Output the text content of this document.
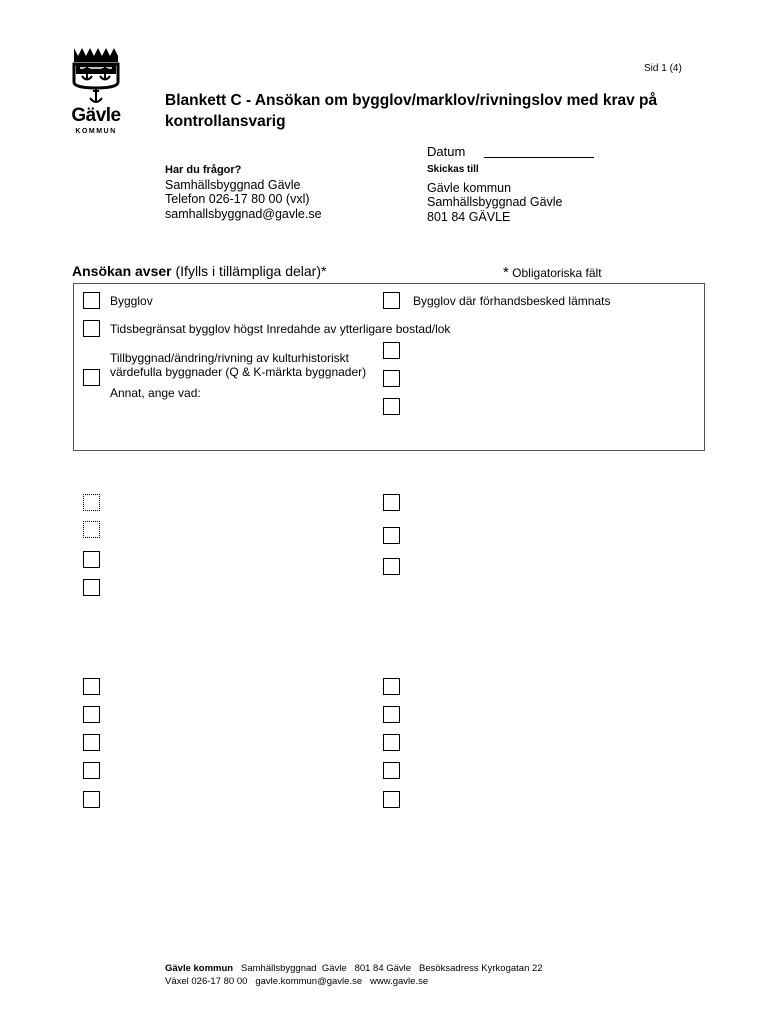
Gävle
KOMMUN
Sid 1 (4)
Blankett C - Ansökan om bygglov/marklov/rivningslov med krav på kontrollansvarig
Datum
Har du frågor?
Samhällsbyggnad Gävle
Telefon 026-17 80 00 (vxl)
samhallsbyggnad@gavle.se
Skickas till
Gävle kommun
Samhällsbyggnad Gävle
801 84 GÄVLE
Ansökan avser (Ifylls i tillämpliga delar)*	* Obligatoriska fält
Bygglov	Bygglov där förhandsbesked lämnats
Tidsbegränsat bygglov högst Inredahde av ytterligare bostad/lok
Tillbyggnad/ändring/rivning av kulturhistoriskt
värdefulla byggnader (Q & K-märkta byggnader)
Annat, ange vad:
Gävle kommun   Samhällsbyggnad  Gävle   801 84 Gävle   Besöksadress Kyrkogatan 22
Växel 026-17 80 00   gavle.kommun@gavle.se   www.gavle.se
